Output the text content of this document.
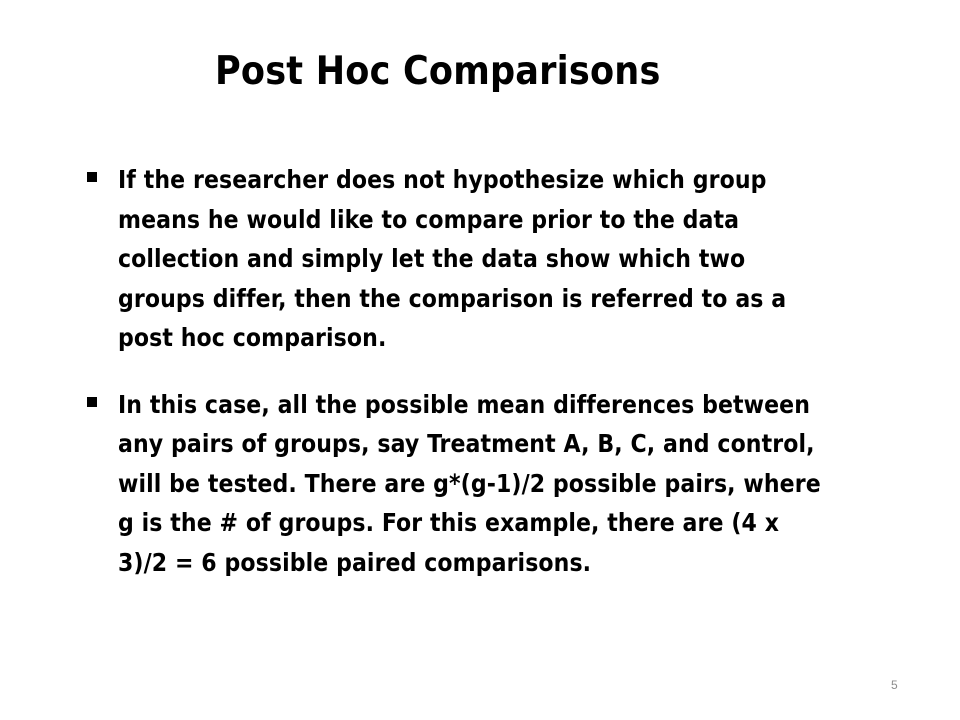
Post Hoc Comparisons
If the researcher does not hypothesize which group means he would like to compare prior to the data collection and simply let the data show which two groups differ, then the comparison is referred to as a post hoc comparison.
In this case, all the possible mean differences between any pairs of groups, say Treatment A, B, C, and control, will be tested. There are g*(g-1)/2 possible pairs, where g is the # of groups. For this example, there are (4 x 3)/2 = 6 possible paired comparisons.
5
